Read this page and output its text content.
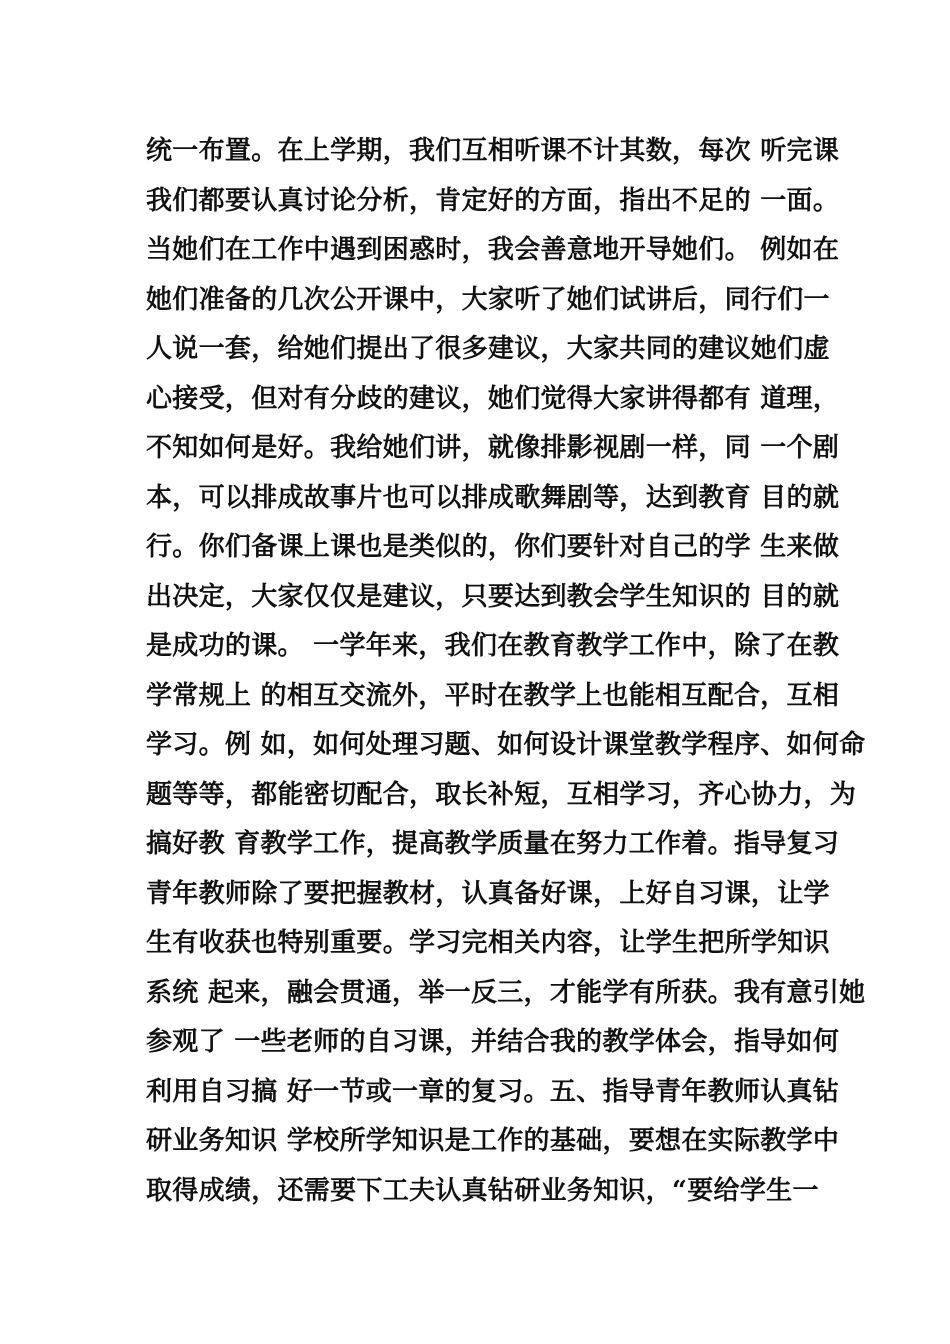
统一布置。在上学期，我们互相听课不计其数，每次 听完课
我们都要认真讨论分析，肯定好的方面，指出不足的 一面。
当她们在工作中遇到困惑时，我会善意地开导她们。 例如在
她们准备的几次公开课中，大家听了她们试讲后，同行们一
人说一套，给她们提出了很多建议，大家共同的建议她们虚
心接受，但对有分歧的建议，她们觉得大家讲得都有 道理，
不知如何是好。我给她们讲，就像排影视剧一样，同 一个剧
本，可以排成故事片也可以排成歌舞剧等，达到教育 目的就
行。你们备课上课也是类似的，你们要针对自己的学 生来做
出决定，大家仅仅是建议，只要达到教会学生知识的 目的就
是成功的课。 一学年来，我们在教育教学工作中，除了在教
学常规上 的相互交流外，平时在教学上也能相互配合，互相
学习。例 如，如何处理习题、如何设计课堂教学程序、如何命
题等等，都能密切配合，取长补短，互相学习，齐心协力，为
搞好教 育教学工作，提高教学质量在努力工作着。指导复习
青年教师除了要把握教材，认真备好课，上好自习课，让学
生有收获也特别重要。学习完相关内容，让学生把所学知识
系统 起来，融会贯通，举一反三，才能学有所获。我有意引她
参观了 一些老师的自习课，并结合我的教学体会，指导如何
利用自习搞 好一节或一章的复习。五、指导青年教师认真钻
研业务知识 学校所学知识是工作的基础，要想在实际教学中
取得成绩，还需要下工夫认真钻研业务知识，“要给学生一
